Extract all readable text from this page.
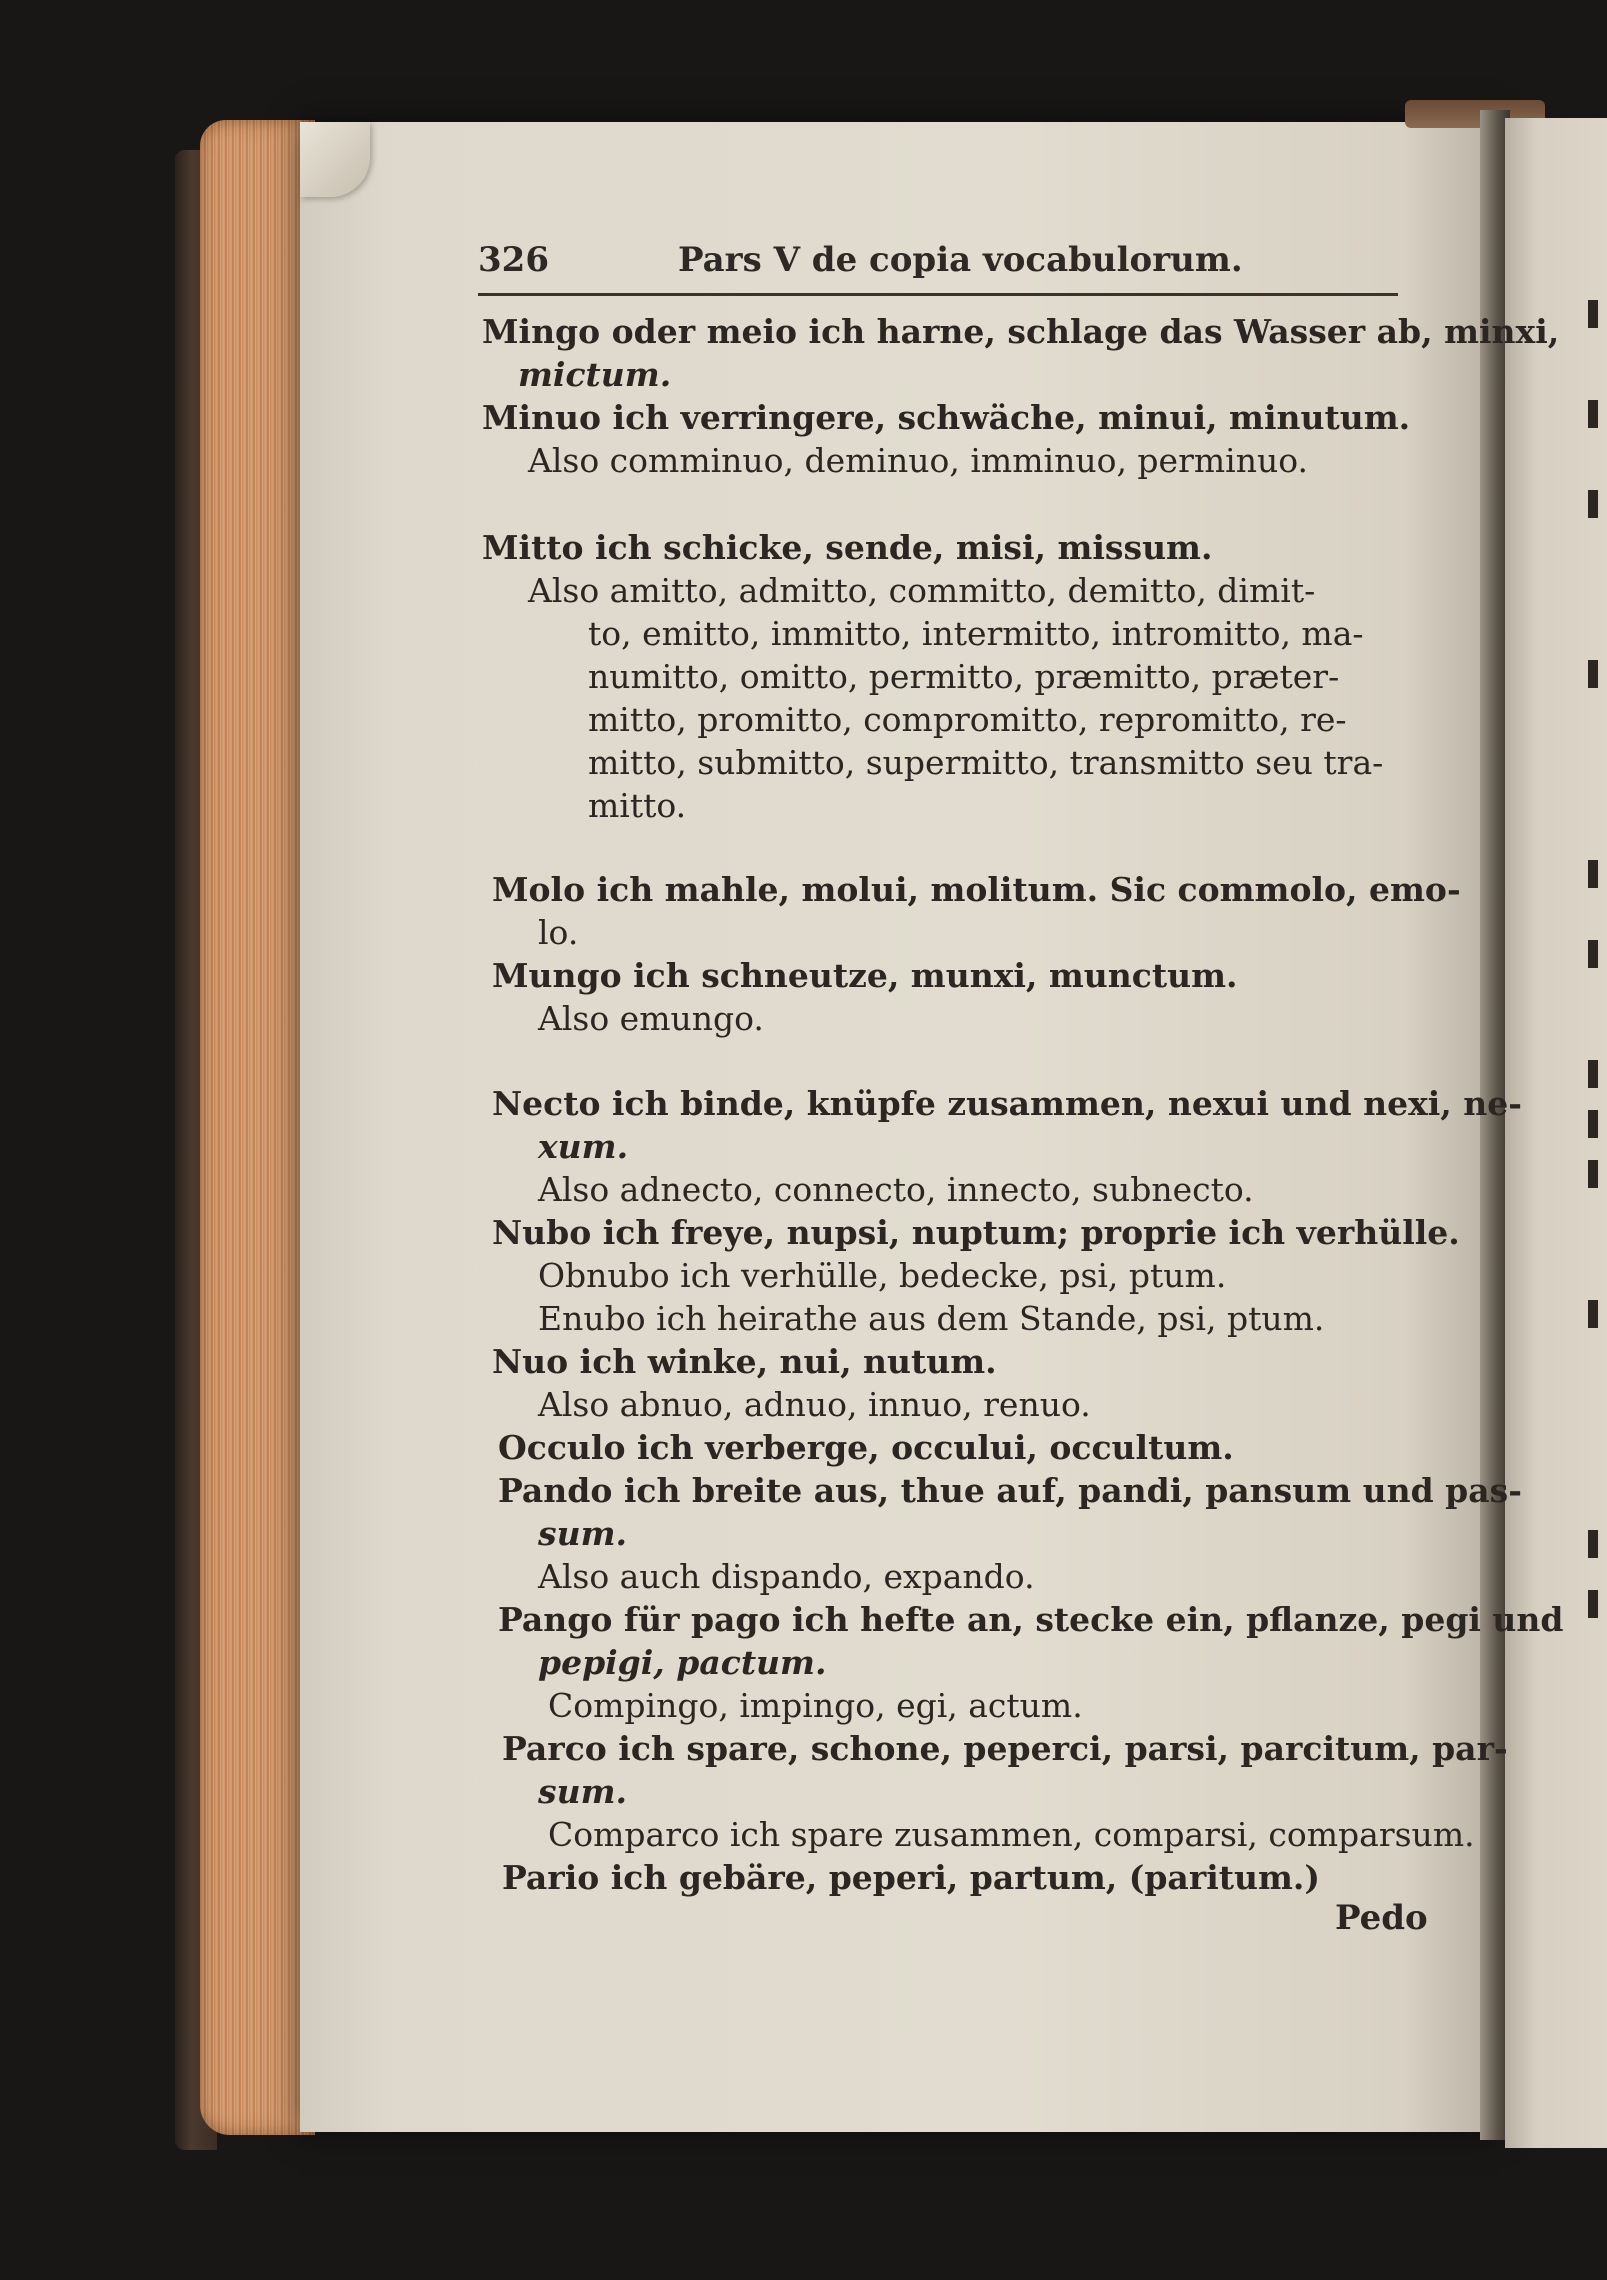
326	Pars V de copia vocabulorum.
Mingo oder meio ich harne, schlage das Wasser ab, minxi,
mictum.
Minuo ich verringere, schwäche, minui, minutum.
Also comminuo, deminuo, imminuo, perminuo.
Mitto ich schicke, sende, misi, missum.
Also amitto, admitto, committo, demitto, dimit-
to, emitto, immitto, intermitto, intromitto, ma-
numitto, omitto, permitto, præmitto, præter-
mitto, promitto, compromitto, repromitto, re-
mitto, submitto, supermitto, transmitto seu tra-
mitto.
Molo ich mahle, molui, molitum. Sic commolo, emo-
lo.
Mungo ich schneutze, munxi, munctum.
Also emungo.
Necto ich binde, knüpfe zusammen, nexui und nexi, ne-
xum.
Also adnecto, connecto, innecto, subnecto.
Nubo ich freye, nupsi, nuptum; proprie ich verhülle.
Obnubo ich verhülle, bedecke, psi, ptum.
Enubo ich heirathe aus dem Stande, psi, ptum.
Nuo ich winke, nui, nutum.
Also abnuo, adnuo, innuo, renuo.
Occulo ich verberge, occului, occultum.
Pando ich breite aus, thue auf, pandi, pansum und pas-
sum.
Also auch dispando, expando.
Pango für pago ich hefte an, stecke ein, pflanze, pegi und
pepigi, pactum.
Compingo, impingo, egi, actum.
Parco ich spare, schone, peperci, parsi, parcitum, par-
sum.
Comparco ich spare zusammen, comparsi, comparsum.
Pario ich gebäre, peperi, partum, (paritum.)
Pedo
